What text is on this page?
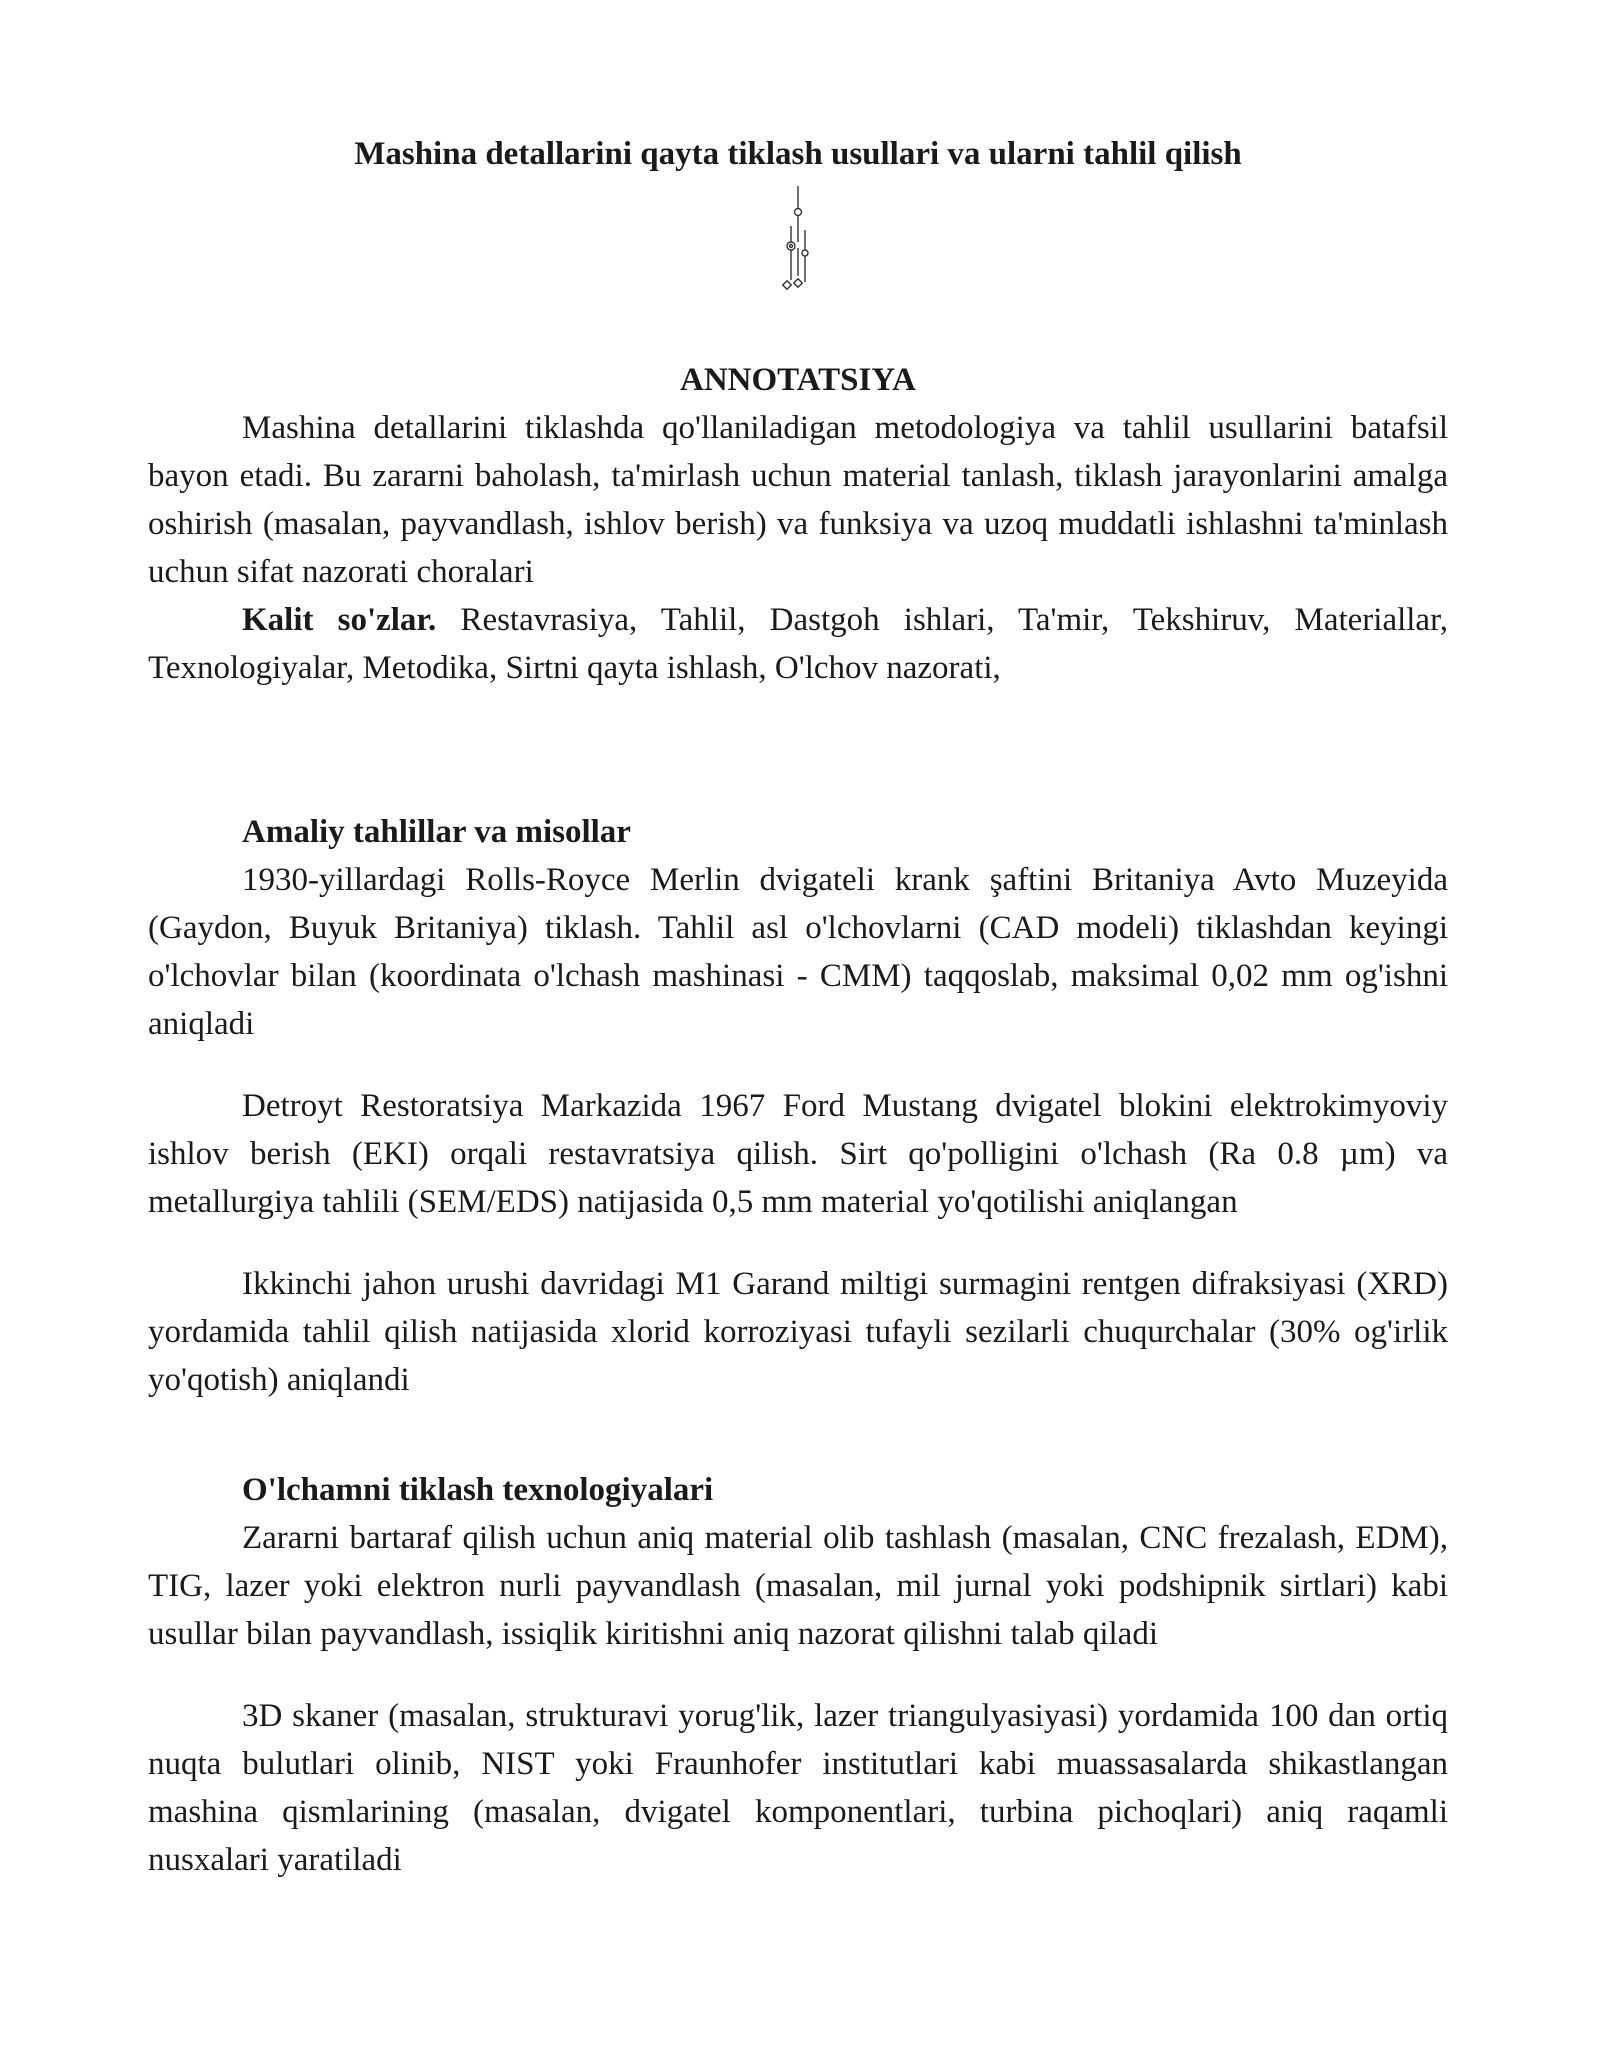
Mashina detallarini qayta tiklash usullari va ularni tahlil qilish
ANNOTATSIYA

Mashina detallarini tiklashda qo'llaniladigan metodologiya va tahlil usullarini batafsil bayon etadi. Bu zararni baholash, ta'mirlash uchun material tanlash, tiklash jarayonlarini amalga oshirish (masalan, payvandlash, ishlov berish) va funksiya va uzoq muddatli ishlashni ta'minlash uchun sifat nazorati choralari

Kalit so'zlar. Restavrasiya, Tahlil, Dastgoh ishlari, Ta'mir, Tekshiruv, Materiallar, Texnologiyalar, Metodika, Sirtni qayta ishlash, O'lchov nazorati,

Amaliy tahlillar va misollar

1930-yillardagi Rolls-Royce Merlin dvigateli krank şaftini Britaniya Avto Muzeyida (Gaydon, Buyuk Britaniya) tiklash. Tahlil asl o'lchovlarni (CAD modeli) tiklashdan keyingi o'lchovlar bilan (koordinata o'lchash mashinasi - CMM) taqqoslab, maksimal 0,02 mm og'ishni aniqladi

Detroyt Restoratsiya Markazida 1967 Ford Mustang dvigatel blokini elektrokimyoviy ishlov berish (EKI) orqali restavratsiya qilish. Sirt qo'polligini o'lchash (Ra 0.8 µm) va metallurgiya tahlili (SEM/EDS) natijasida 0,5 mm material yo'qotilishi aniqlangan

Ikkinchi jahon urushi davridagi M1 Garand miltigi surmagini rentgen difraksiyasi (XRD) yordamida tahlil qilish natijasida xlorid korroziyasi tufayli sezilarli chuqurchalar (30% og'irlik yo'qotish) aniqlandi

O'lchamni tiklash texnologiyalari

Zararni bartaraf qilish uchun aniq material olib tashlash (masalan, CNC frezalash, EDM), TIG, lazer yoki elektron nurli payvandlash (masalan, mil jurnal yoki podshipnik sirtlari) kabi usullar bilan payvandlash, issiqlik kiritishni aniq nazorat qilishni talab qiladi

3D skaner (masalan, strukturavi yorug'lik, lazer triangulyasiyasi) yordamida 100 dan ortiq nuqta bulutlari olinib, NIST yoki Fraunhofer institutlari kabi muassasalarda shikastlangan mashina qismlarining (masalan, dvigatel komponentlari, turbina pichoqlari) aniq raqamli nusxalari yaratiladi
